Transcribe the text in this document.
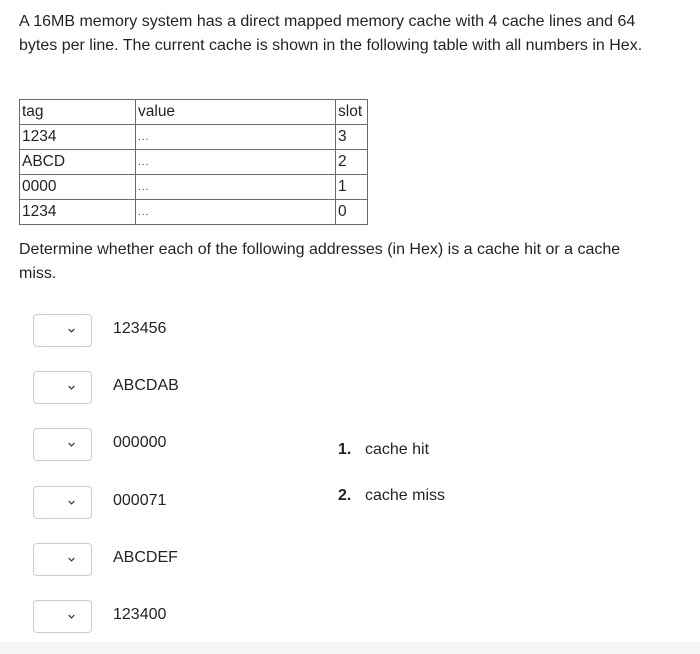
A 16MB memory system has a direct mapped memory cache with 4 cache lines and 64 bytes per line. The current cache is shown in the following table with all numbers in Hex.
tag	value	slot
1234	...	3
ABCD	...	2
0000	...	1
1234	...	0
Determine whether each of the following addresses (in Hex) is a cache hit or a cache miss.
123456
ABCDAB
000000
000071
ABCDEF
123400
1. cache hit
2. cache miss
